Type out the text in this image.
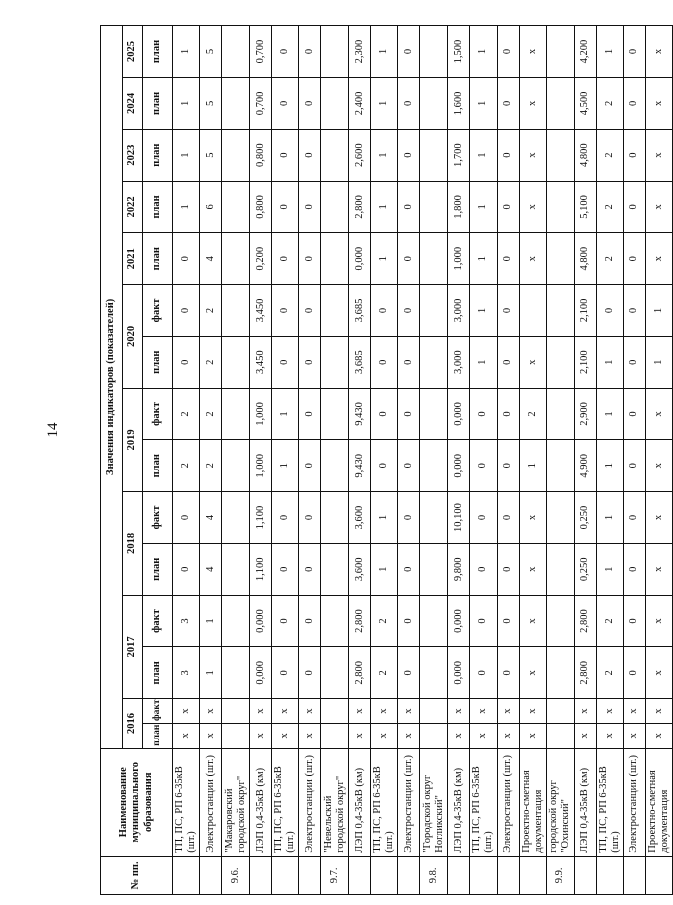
14
№ пп.	Наименование муниципального образования	Значения индикаторов (показателей)														
		2016		2017		2018		2019		2020		2021	2022	2023	2024	2025
		план	факт	план	факт	план	факт	план	факт	план	факт	план	план	план	план	план
	ТП, ПС, РП 6-35кВ (шт.)	х	х	3	3	0	0	2	2	0	0	0	1	1	1	1
	Электростанции (шт.)	х	х	1	1	4	4	2	2	2	2	4	6	5	5	5
9.6.	"Макаровский городской округ"															
	ЛЭП 0,4-35кВ (км)	х	х	0,000	0,000	1,100	1,100	1,000	1,000	3,450	3,450	0,200	0,800	0,800	0,700	0,700
	ТП, ПС, РП 6-35кВ (шт.)	х	х	0	0	0	0	1	1	0	0	0	0	0	0	0
	Электростанции (шт.)	х	х	0	0	0	0	0	0	0	0	0	0	0	0	0
9.7.	"Невельский городской округ"															
	ЛЭП 0,4-35кВ (км)	х	х	2,800	2,800	3,600	3,600	9,430	9,430	3,685	3,685	0,000	2,800	2,600	2,400	2,300
	ТП, ПС, РП 6-35кВ (шт.)	х	х	2	2	1	1	0	0	0	0	1	1	1	1	1
	Электростанции (шт.)	х	х	0	0	0	0	0	0	0	0	0	0	0	0	0
9.8.	"Городской округ Ногликский"															
	ЛЭП 0,4-35кВ (км)	х	х	0,000	0,000	9,800	10,100	0,000	0,000	3,000	3,000	1,000	1,800	1,700	1,600	1,500
	ТП, ПС, РП 6-35кВ (шт.)	х	х	0	0	0	0	0	0	1	1	1	1	1	1	1
	Электростанции (шт.)	х	х	0	0	0	0	0	0	0	0	0	0	0	0	0
	Проектно-сметная документация	х	х	х	х	х	х	1	2	х		х	х	х	х	х
9.9.	городской округ "Охинский"															
	ЛЭП 0,4-35кВ (км)	х	х	2,800	2,800	0,250	0,250	4,900	2,900	2,100	2,100	4,800	5,100	4,800	4,500	4,200
	ТП, ПС, РП 6-35кВ (шт.)	х	х	2	2	1	1	1	1	1	0	2	2	2	2	1
	Электростанции (шт.)	х	х	0	0	0	0	0	0	0	0	0	0	0	0	0
	Проектно-сметная документация	х	х	х	х	х	х	х	х	1	1	х	х	х	х	х
